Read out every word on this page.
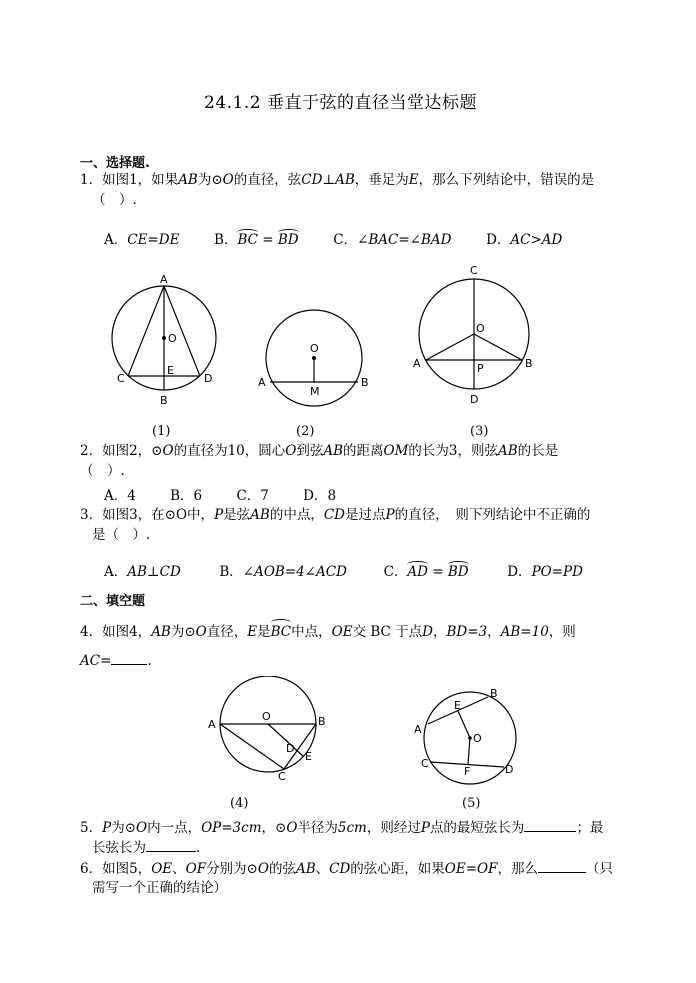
24.1.2 垂直于弦的直径当堂达标题
一、选择题.
1．如图1，如果AB为⊙O的直径，弦CD⊥AB，垂足为E，那么下列结论中，错误的是
（　）.
A．CE=DE	B．BC = BD	C．∠BAC=∠BAD	D．AC>AD
A
O
E
C	D
B
O
A
M
B
C
O
A	P	B
D
(1)	(2)	(3)
2．如图2，⊙O的直径为10，圆心O到弦AB的距离OM的长为3，则弦AB的长是
（　）.
A．4	B．6	C．7	D．8
3．如图3，在⊙O中，P是弦AB的中点，CD是过点P的直径，　则下列结论中不正确的
是（　）.
A．AB⊥CD	B．∠AOB=4∠ACD	C．AD = BD	D．PO=PD
二、填空题
4．如图4，AB为⊙O直径，E是BC中点，OE交 BC 于点D，BD=3，AB=10，则
AC=	.
A
O	B
D
E
C
B
E
A
O
C
F	D
(4)	(5)
5．P为⊙O内一点，OP=3cm，⊙O半径为5cm，则经过P点的最短弦长为	；最
长弦长为	.
6．如图5，OE、OF分别为⊙O的弦AB、CD的弦心距，如果OE=OF，那么	（只
需写一个正确的结论）
